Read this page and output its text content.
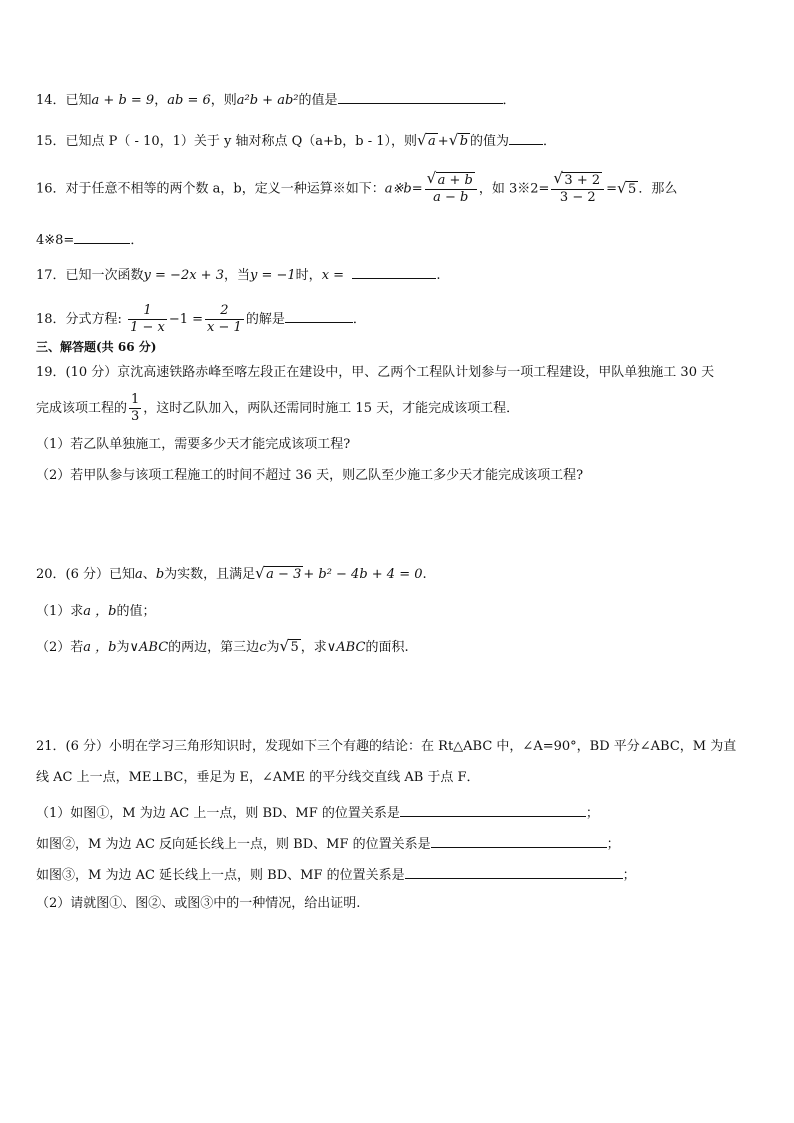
14．已知a + b = 9，ab = 6，则a²b + ab²的值是	．
15．已知点 P（ - 10，1）关于 y 轴对称点 Q（a+b，b - 1），则 √ a + √ b 的值为	．
16．对于任意不相等的两个数 a，b，定义一种运算※如下：a※b= $\frac{√ a + b}{a - b}$ ，如 3※2= $\frac{√ 3 + 2}{3 - 2}$ = √ 5 ．那么
4※8=	．
17．已知一次函数y = −2x + 3，当y = −1时，x =	.
18．分式方程: $\frac{1}{1 - x} -1 = \frac{2}{x - 1}$ 的解是	．
三、解答题(共 66 分)
19．(10 分）京沈高速铁路赤峰至喀左段正在建设中，甲、乙两个工程队计划参与一项工程建设，甲队单独施工 30 天
完成该项工程的 $\frac{1}{3}$ ，这时乙队加入，两队还需同时施工 15 天，才能完成该项工程．
（1）若乙队单独施工，需要多少天才能完成该项工程?
（2）若甲队参与该项工程施工的时间不超过 36 天，则乙队至少施工多少天才能完成该项工程?
20．(6 分）已知a、b为实数，且满足 √ a − 3 + b² − 4b + 4 = 0.
（1）求a ，b的值；
（2）若a ，b为∨ABC的两边，第三边c为 √ 5 ，求∨ABC的面积.
21．(6 分）小明在学习三角形知识时，发现如下三个有趣的结论：在 Rt△ABC 中，∠A=90°，BD 平分∠ABC，M 为直
线 AC 上一点，ME⊥BC，垂足为 E，∠AME 的平分线交直线 AB 于点 F．
（1）如图①，M 为边 AC 上一点，则 BD、MF 的位置关系是	；
如图②，M 为边 AC 反向延长线上一点，则 BD、MF 的位置关系是	；
如图③，M 为边 AC 延长线上一点，则 BD、MF 的位置关系是	；
（2）请就图①、图②、或图③中的一种情况，给出证明.
